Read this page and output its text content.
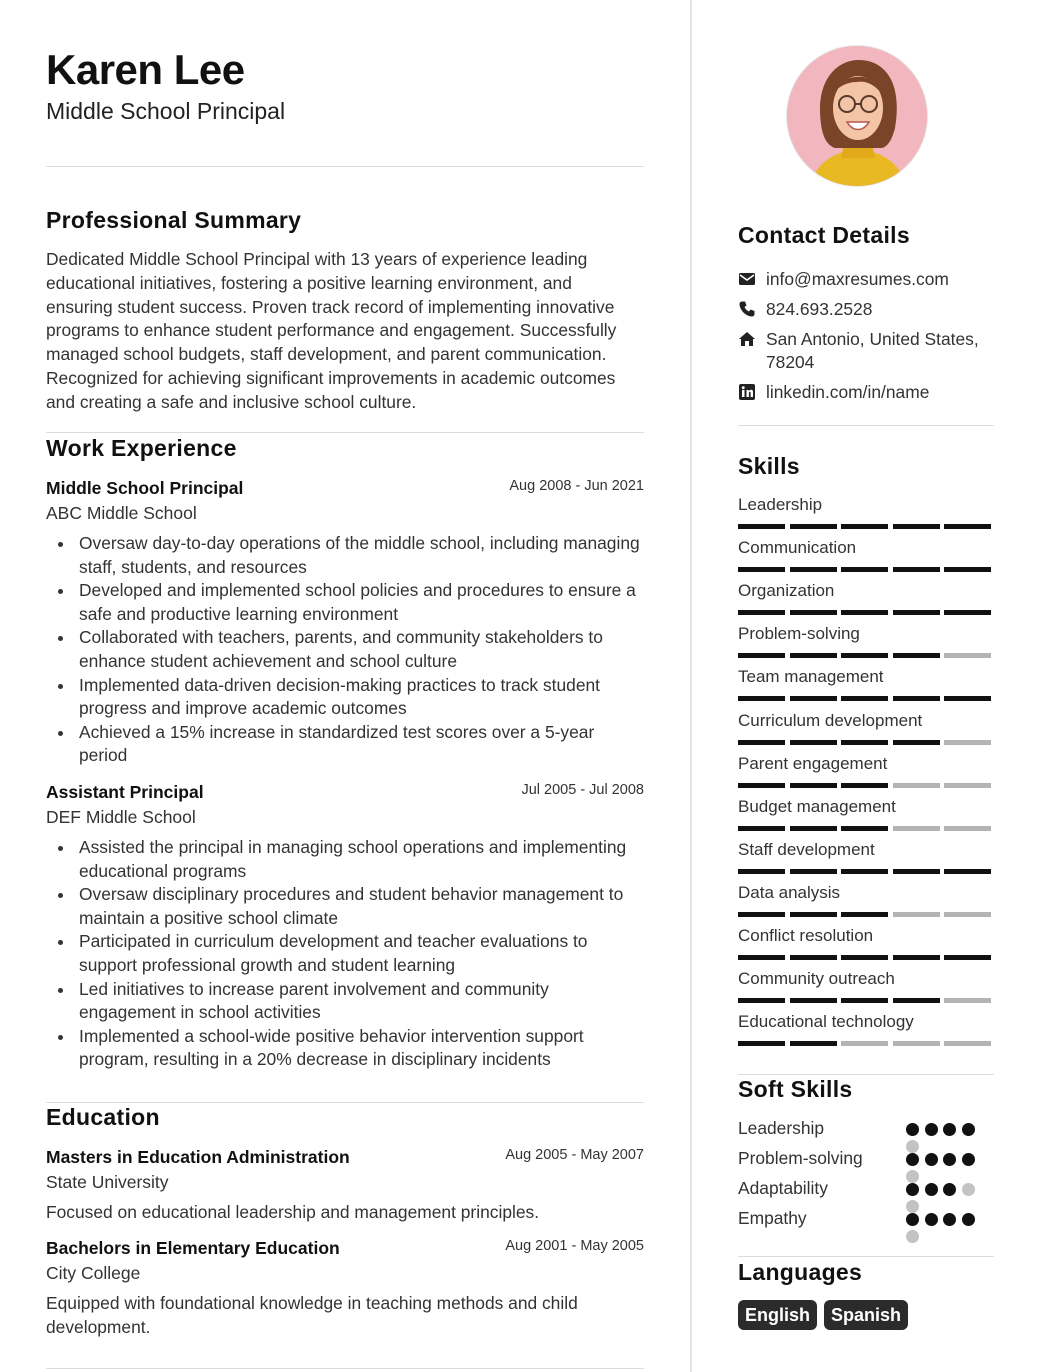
Karen Lee
Middle School Principal
Professional Summary
Dedicated Middle School Principal with 13 years of experience leading
educational initiatives, fostering a positive learning environment, and
ensuring student success. Proven track record of implementing innovative
programs to enhance student performance and engagement. Successfully
managed school budgets, staff development, and parent communication.
Recognized for achieving significant improvements in academic outcomes
and creating a safe and inclusive school culture.
Work Experience
Middle School Principal	Aug 2008 - Jun 2021
ABC Middle School
Oversaw day-to-day operations of the middle school, including managing staff, students, and resources
Developed and implemented school policies and procedures to ensure a safe and productive learning environment
Collaborated with teachers, parents, and community stakeholders to enhance student achievement and school culture
Implemented data-driven decision-making practices to track student progress and improve academic outcomes
Achieved a 15% increase in standardized test scores over a 5-year period
Assistant Principal	Jul 2005 - Jul 2008
DEF Middle School
Assisted the principal in managing school operations and implementing educational programs
Oversaw disciplinary procedures and student behavior management to maintain a positive school climate
Participated in curriculum development and teacher evaluations to support professional growth and student learning
Led initiatives to increase parent involvement and community engagement in school activities
Implemented a school-wide positive behavior intervention support program, resulting in a 20% decrease in disciplinary incidents
Education
Masters in Education Administration	Aug 2005 - May 2007
State University
Focused on educational leadership and management principles.
Bachelors in Elementary Education	Aug 2001 - May 2005
City College
Equipped with foundational knowledge in teaching methods and child development.
Contact Details
info@maxresumes.com
824.693.2528
San Antonio, United States, 78204
linkedin.com/in/name
Skills
Leadership
Communication
Organization
Problem-solving
Team management
Curriculum development
Parent engagement
Budget management
Staff development
Data analysis
Conflict resolution
Community outreach
Educational technology
Soft Skills
Leadership
Problem-solving
Adaptability
Empathy
Languages
English	Spanish
